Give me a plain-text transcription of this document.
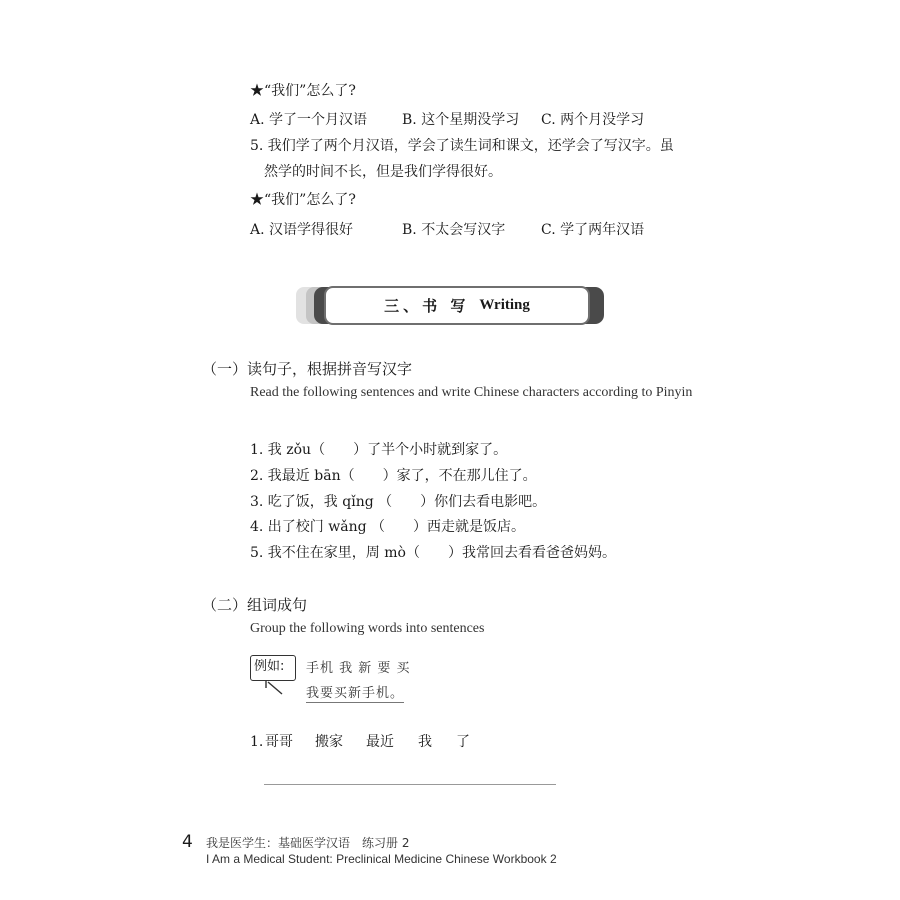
★“我们”怎么了?
A. 学了一个月汉语 B. 这个星期没学习 C. 两个月没学习
5. 我们学了两个月汉语，学会了读生词和课文，还学会了写汉字。虽
然学的时间不长，但是我们学得很好。
★“我们”怎么了?
A. 汉语学得很好	B. 不太会写汉字	C. 学了两年汉语
三、书 写 Writing
（一）读句子，根据拼音写汉字
Read the following sentences and write Chinese characters according to Pinyin
1. 我 zǒu（　　）了半个小时就到家了。
2. 我最近 bān（　　）家了，不在那儿住了。
3. 吃了饭，我 qǐng （　　）你们去看电影吧。
4. 出了校门 wǎng （　　）西走就是饭店。
5. 我不住在家里，周 mò（　　）我常回去看看爸爸妈妈。
（二）组词成句
Group the following words into sentences
例如: 手机 我 新 要 买
我要买新手机。
1. 哥哥 搬家 最近 我 了
4 我是医学生：基础医学汉语　练习册 2
I Am a Medical Student: Preclinical Medicine Chinese Workbook 2
